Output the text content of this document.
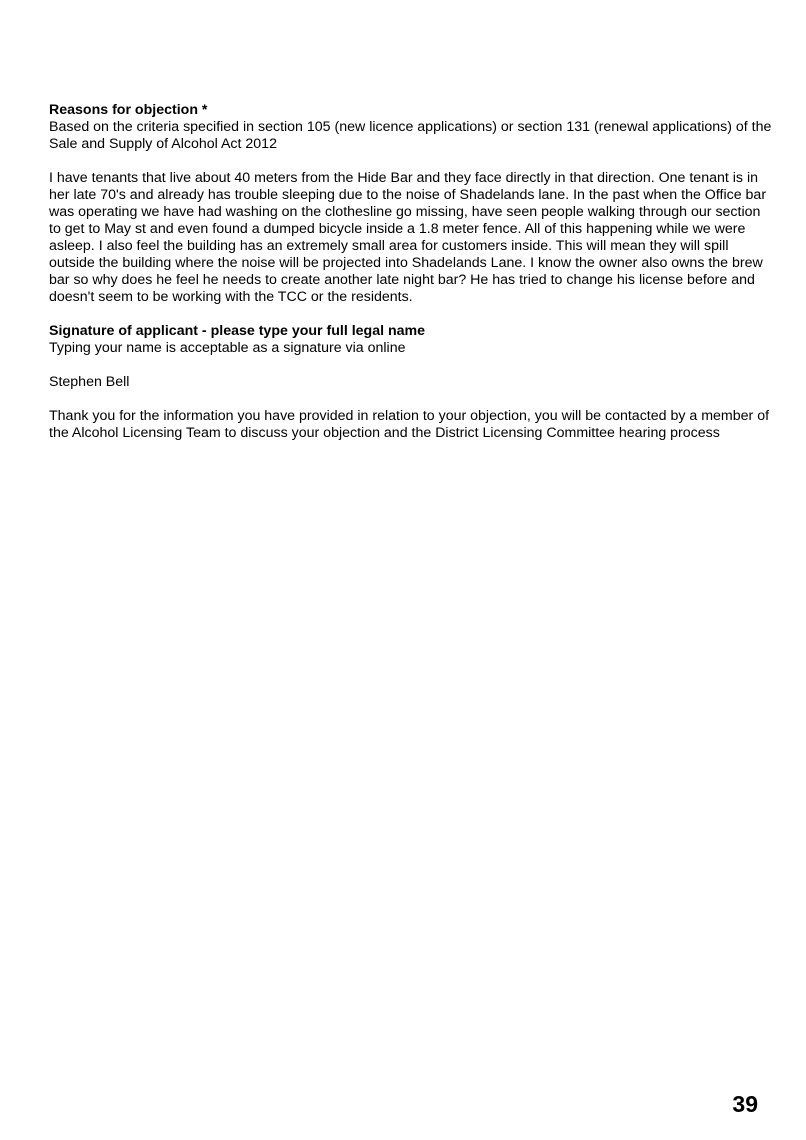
Reasons for objection *

Based on the criteria specified in section 105 (new licence applications) or section 131 (renewal applications) of the Sale and Supply of Alcohol Act 2012

I have tenants that live about 40 meters from the Hide Bar and they face directly in that direction. One tenant is in her late 70's and already has trouble sleeping due to the noise of Shadelands lane. In the past when the Office bar was operating we have had washing on the clothesline go missing, have seen people walking through our section to get to May st and even found a dumped bicycle inside a 1.8 meter fence. All of this happening while we were asleep. I also feel the building has an extremely small area for customers inside. This will mean they will spill outside the building where the noise will be projected into Shadelands Lane. I know the owner also owns the brew bar so why does he feel he needs to create another late night bar? He has tried to change his license before and doesn't seem to be working with the TCC or the residents.

Signature of applicant - please type your full legal name

Typing your name is acceptable as a signature via online

Stephen Bell

Thank you for the information you have provided in relation to your objection, you will be contacted by a member of the Alcohol Licensing Team to discuss your objection and the District Licensing Committee hearing process

39
